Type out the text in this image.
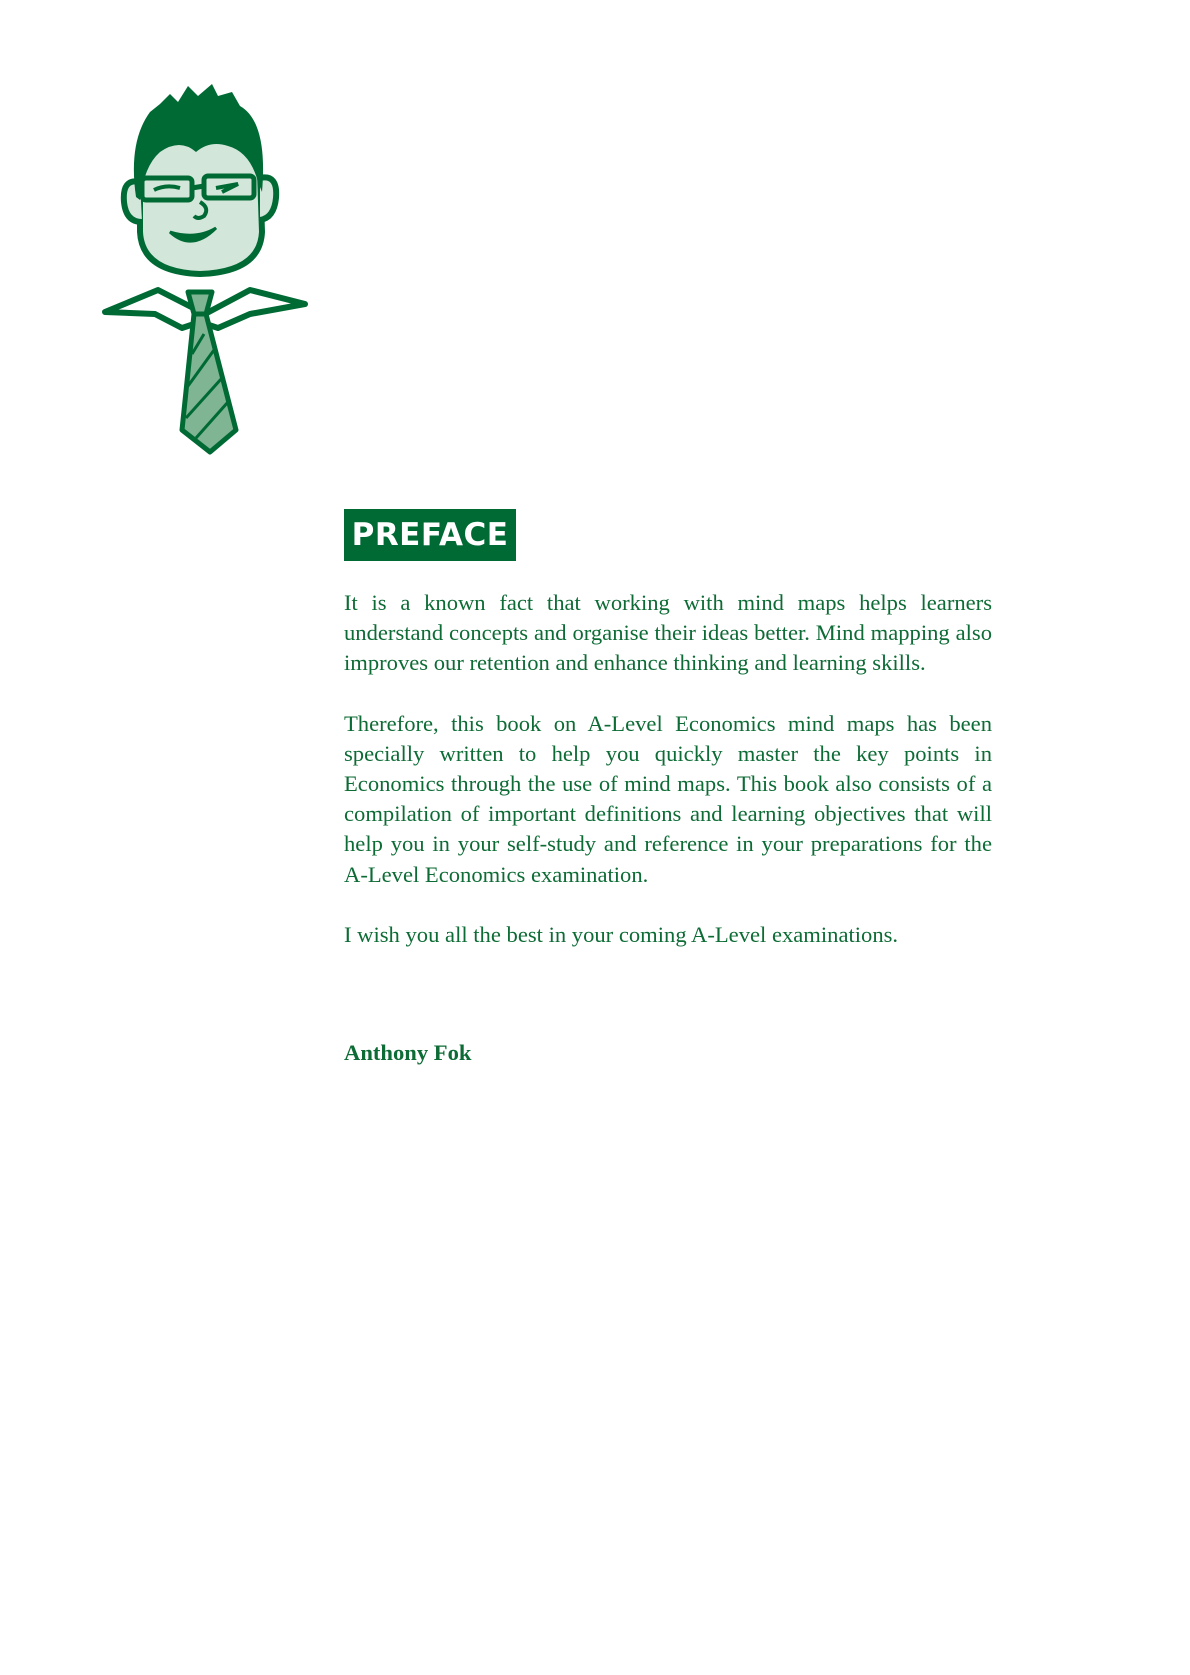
PREFACE

It is a known fact that working with mind maps helps learners understand concepts and organise their ideas better. Mind mapping also improves our retention and enhance thinking and learning skills.

Therefore, this book on A-Level Economics mind maps has been specially written to help you quickly master the key points in Economics through the use of mind maps. This book also consists of a compilation of important definitions and learning objectives that will help you in your self-study and reference in your preparations for the A-Level Economics examination.

I wish you all the best in your coming A-Level examinations.

Anthony Fok
